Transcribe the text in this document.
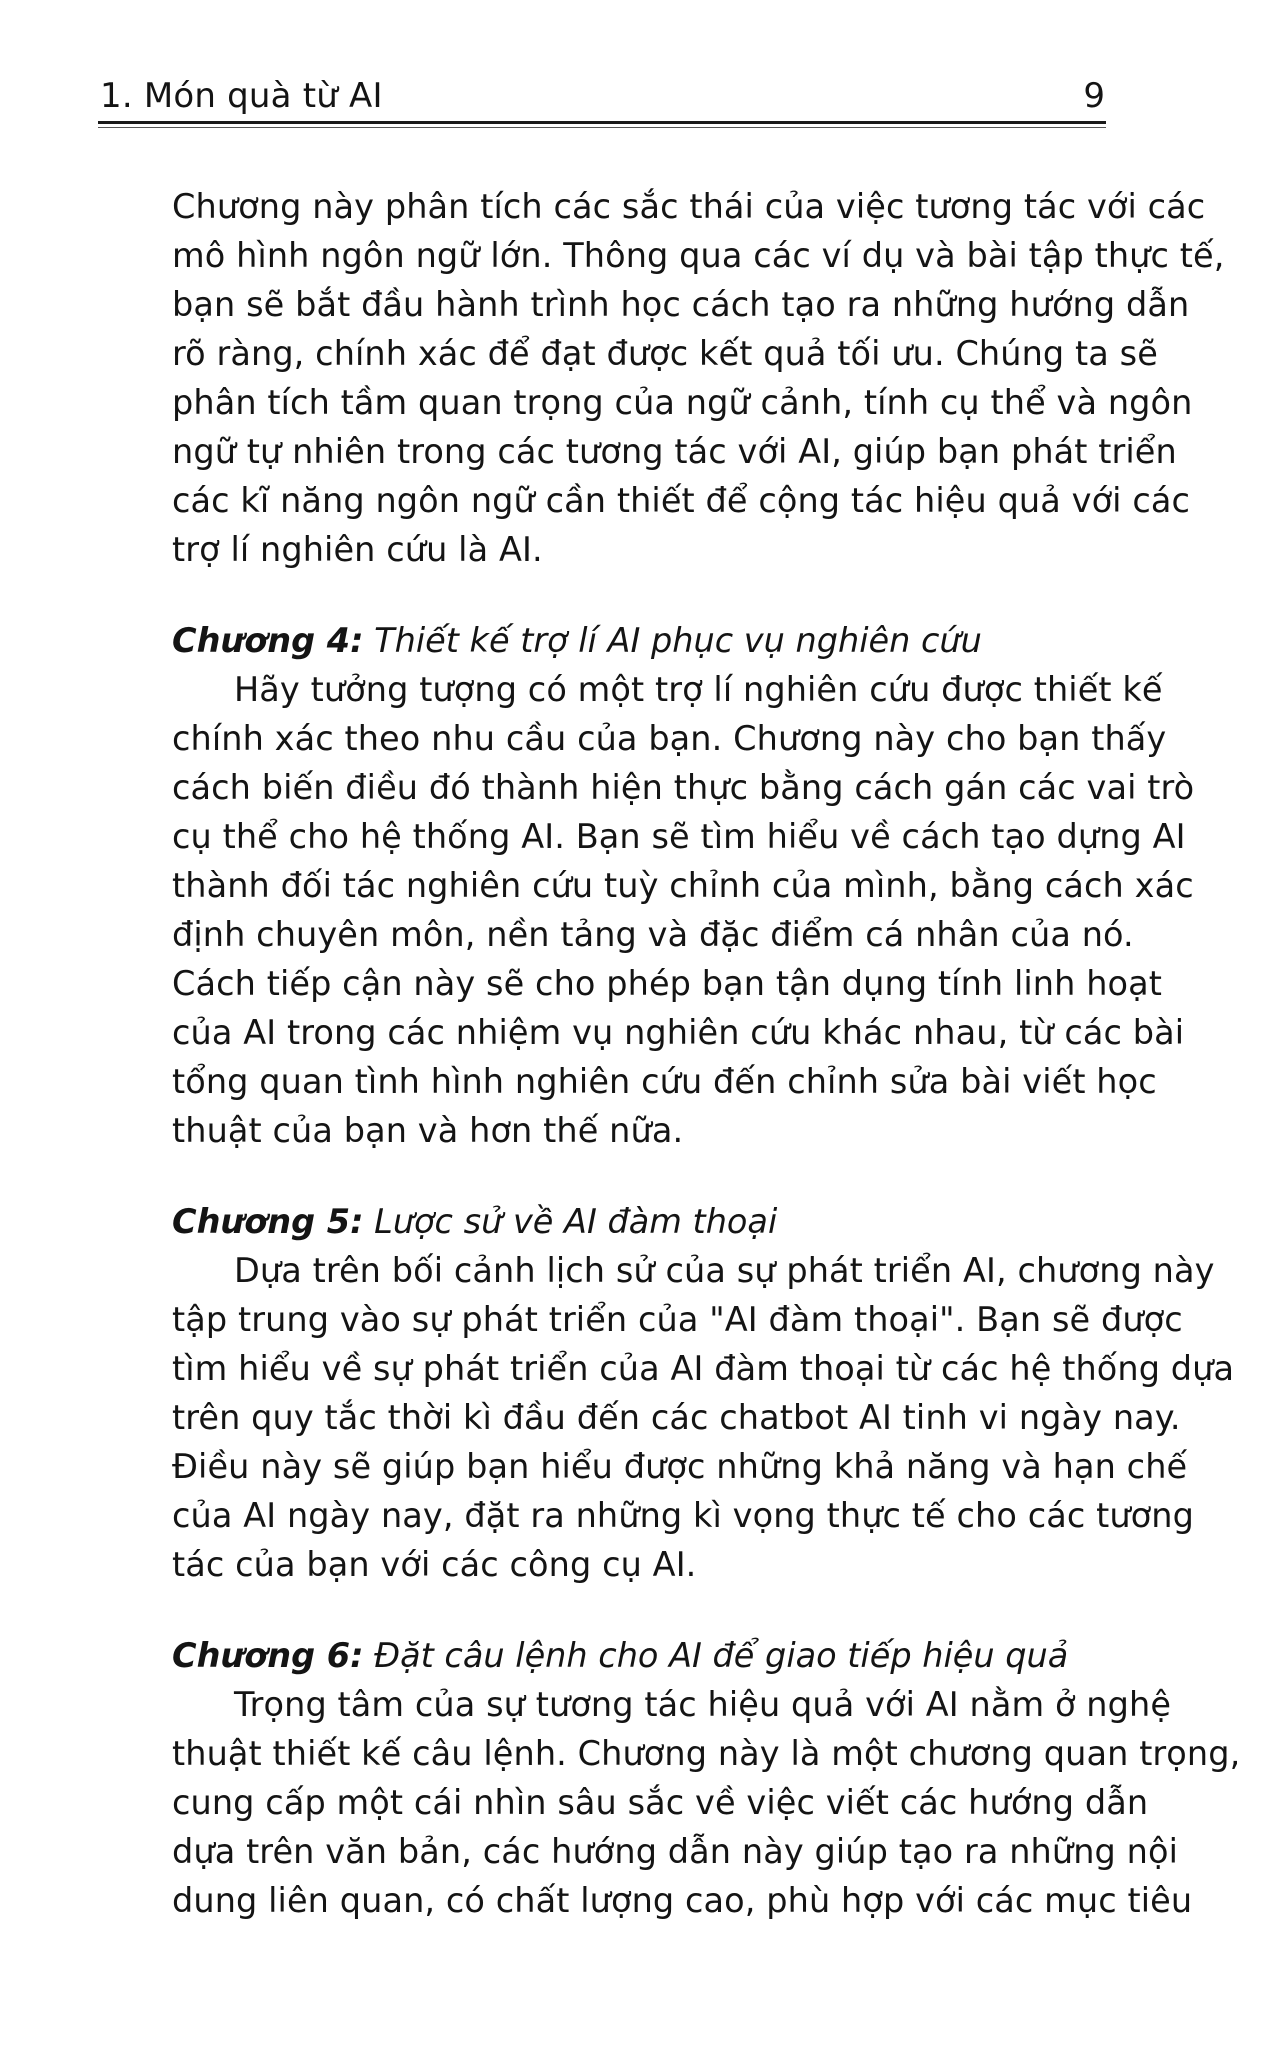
1. Món quà từ AI	9
Chương này phân tích các sắc thái của việc tương tác với các
mô hình ngôn ngữ lớn. Thông qua các ví dụ và bài tập thực tế,
bạn sẽ bắt đầu hành trình học cách tạo ra những hướng dẫn
rõ ràng, chính xác để đạt được kết quả tối ưu. Chúng ta sẽ
phân tích tầm quan trọng của ngữ cảnh, tính cụ thể và ngôn
ngữ tự nhiên trong các tương tác với AI, giúp bạn phát triển
các kĩ năng ngôn ngữ cần thiết để cộng tác hiệu quả với các
trợ lí nghiên cứu là AI.
Chương 4: Thiết kế trợ lí AI phục vụ nghiên cứu
Hãy tưởng tượng có một trợ lí nghiên cứu được thiết kế
chính xác theo nhu cầu của bạn. Chương này cho bạn thấy
cách biến điều đó thành hiện thực bằng cách gán các vai trò
cụ thể cho hệ thống AI. Bạn sẽ tìm hiểu về cách tạo dựng AI
thành đối tác nghiên cứu tuỳ chỉnh của mình, bằng cách xác
định chuyên môn, nền tảng và đặc điểm cá nhân của nó.
Cách tiếp cận này sẽ cho phép bạn tận dụng tính linh hoạt
của AI trong các nhiệm vụ nghiên cứu khác nhau, từ các bài
tổng quan tình hình nghiên cứu đến chỉnh sửa bài viết học
thuật của bạn và hơn thế nữa.
Chương 5: Lược sử về AI đàm thoại
Dựa trên bối cảnh lịch sử của sự phát triển AI, chương này
tập trung vào sự phát triển của "AI đàm thoại". Bạn sẽ được
tìm hiểu về sự phát triển của AI đàm thoại từ các hệ thống dựa
trên quy tắc thời kì đầu đến các chatbot AI tinh vi ngày nay.
Điều này sẽ giúp bạn hiểu được những khả năng và hạn chế
của AI ngày nay, đặt ra những kì vọng thực tế cho các tương
tác của bạn với các công cụ AI.
Chương 6: Đặt câu lệnh cho AI để giao tiếp hiệu quả
Trọng tâm của sự tương tác hiệu quả với AI nằm ở nghệ
thuật thiết kế câu lệnh. Chương này là một chương quan trọng,
cung cấp một cái nhìn sâu sắc về việc viết các hướng dẫn
dựa trên văn bản, các hướng dẫn này giúp tạo ra những nội
dung liên quan, có chất lượng cao, phù hợp với các mục tiêu
